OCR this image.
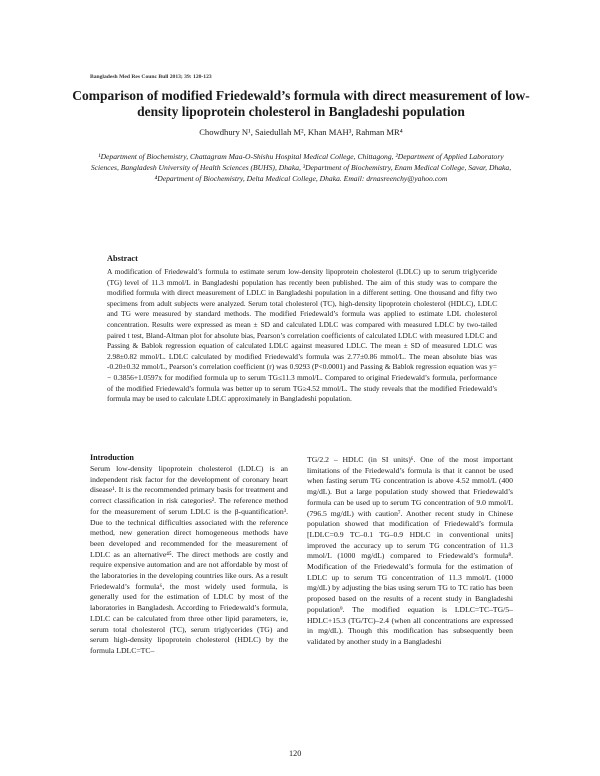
Bangladesh Med Res Counc Bull 2013; 39: 120-123
Comparison of modified Friedewald’s formula with direct measurement of low-density lipoprotein cholesterol in Bangladeshi population
Chowdhury N¹, Saiedullah M², Khan MAH³, Rahman MR⁴
¹Department of Biochemistry, Chattagram Maa-O-Shishu Hospital Medical College, Chittagong, ²Department of Applied Laboratory Sciences, Bangladesh University of Health Sciences (BUHS), Dhaka, ³Department of Biochemistry, Enam Medical College, Savar, Dhaka, ⁴Department of Biochemistry, Delta Medical College, Dhaka. Email: drnasreenchy@yahoo.com
Abstract
A modification of Friedewald’s formula to estimate serum low-density lipoprotein cholesterol (LDLC) up to serum triglyceride (TG) level of 11.3 mmol/L in Bangladeshi population has recently been published. The aim of this study was to compare the modified formula with direct measurement of LDLC in Bangladeshi population in a different setting. One thousand and fifty two specimens from adult subjects were analyzed. Serum total cholesterol (TC), high-density lipoprotein cholesterol (HDLC), LDLC and TG were measured by standard methods. The modified Friedewald’s formula was applied to estimate LDL cholesterol concentration. Results were expressed as mean ± SD and calculated LDLC was compared with measured LDLC by two-tailed paired t test, Bland-Altman plot for absolute bias, Pearson’s correlation coefficients of calculated LDLC with measured LDLC and Passing & Bablok regression equation of calculated LDLC against measured LDLC. The mean ± SD of measured LDLC was 2.98±0.82 mmol/L. LDLC calculated by modified Friedewald’s formula was 2.77±0.86 mmol/L. The mean absolute bias was -0.20±0.32 mmol/L, Pearson’s correlation coefficient (r) was 0.9293 (P<0.0001) and Passing & Bablok regression equation was y= − 0.3856+1.0597x for modified formula up to serum TG≤11.3 mmol/L. Compared to original Friedewald’s formula, performance of the modified Friedewald’s formula was better up to serum TG≥4.52 mmol/L. The study reveals that the modified Friedewald’s formula may be used to calculate LDLC approximately in Bangladeshi population.
Introduction
Serum low-density lipoprotein cholesterol (LDLC) is an independent risk factor for the development of coronary heart disease¹. It is the recommended primary basis for treatment and correct classification in risk categories². The reference method for the measurement of serum LDLC is the β-quantification³. Due to the technical difficulties associated with the reference method, new generation direct homogeneous methods have been developed and recommended for the measurement of LDLC as an alternative⁴⁵. The direct methods are costly and require expensive automation and are not affordable by most of the laboratories in the developing countries like ours. As a result Friedewald’s formula⁶, the most widely used formula, is generally used for the estimation of LDLC by most of the laboratories in Bangladesh. According to Friedewald’s formula, LDLC can be calculated from three other lipid parameters, ie, serum total cholesterol (TC), serum triglycerides (TG) and serum high-density lipoprotein cholesterol (HDLC) by the formula LDLC=TC–
TG/2.2 – HDLC (in SI units)⁶. One of the most important limitations of the Friedewald’s formula is that it cannot be used when fasting serum TG concentration is above 4.52 mmol/L (400 mg/dL). But a large population study showed that Friedewald’s formula can be used up to serum TG concentration of 9.0 mmol/L (796.5 mg/dL) with caution⁷. Another recent study in Chinese population showed that modification of Friedewald’s formula [LDLC=0.9 TC–0.1 TG–0.9 HDLC in conventional units] improved the accuracy up to serum TG concentration of 11.3 mmol/L (1000 mg/dL) compared to Friedewald’s formula⁸. Modification of the Friedewald’s formula for the estimation of LDLC up to serum TG concentration of 11.3 mmol/L (1000 mg/dL) by adjusting the bias using serum TG to TC ratio has been proposed based on the results of a recent study in Bangladeshi population⁹. The modified equation is LDLC=TC–TG/5–HDLC+15.3 (TG/TC)–2.4 (when all concentrations are expressed in mg/dL). Though this modification has subsequently been validated by another study in a Bangladeshi
120
